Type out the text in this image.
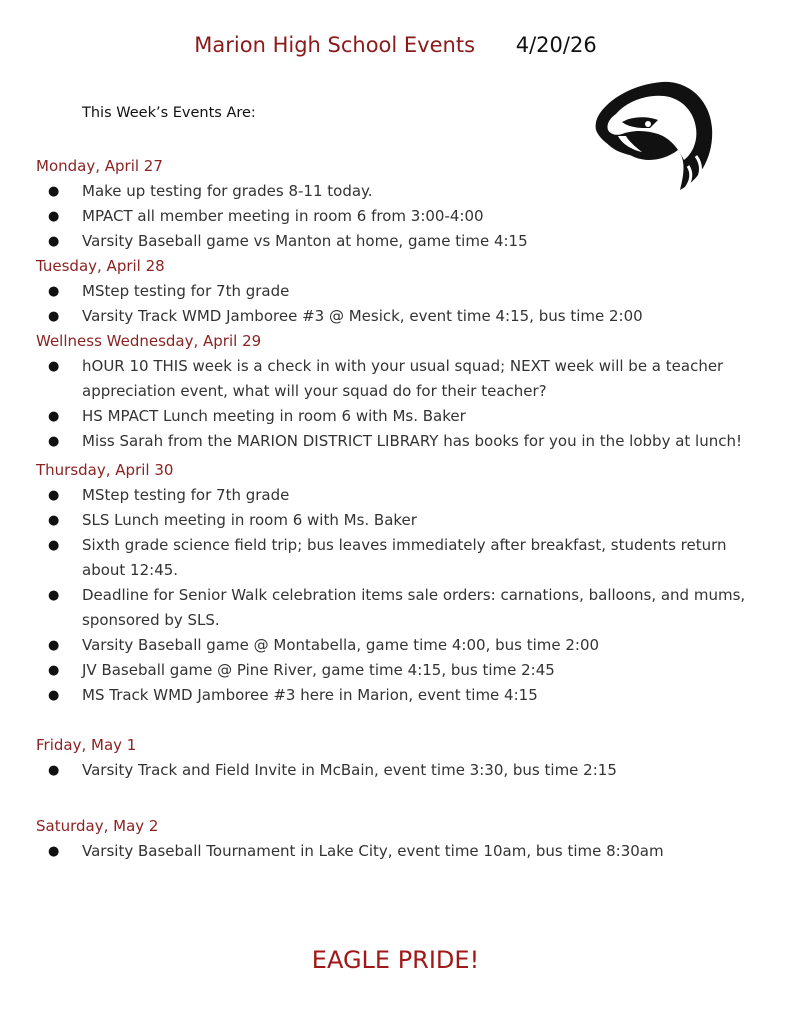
Marion High School Events 4/20/26
This Week’s Events Are:

Monday, April 27

● Make up testing for grades 8-11 today.
● MPACT all member meeting in room 6 from 3:00-4:00
● Varsity Baseball game vs Manton at home, game time 4:15

Tuesday, April 28

● MStep testing for 7th grade
● Varsity Track WMD Jamboree #3 @ Mesick, event time 4:15, bus time 2:00

Wellness Wednesday, April 29

● hOUR 10 THIS week is a check in with your usual squad; NEXT week will be a teacher appreciation event, what will your squad do for their teacher?
● HS MPACT Lunch meeting in room 6 with Ms. Baker
● Miss Sarah from the MARION DISTRICT LIBRARY has books for you in the lobby at lunch!

Thursday, April 30

● MStep testing for 7th grade
● SLS Lunch meeting in room 6 with Ms. Baker
● Sixth grade science field trip; bus leaves immediately after breakfast, students return about 12:45.
● Deadline for Senior Walk celebration items sale orders: carnations, balloons, and mums, sponsored by SLS.
● Varsity Baseball game @ Montabella, game time 4:00, bus time 2:00
● JV Baseball game @ Pine River, game time 4:15, bus time 2:45
● MS Track WMD Jamboree #3 here in Marion, event time 4:15

Friday, May 1

● Varsity Track and Field Invite in McBain, event time 3:30, bus time 2:15

Saturday, May 2

● Varsity Baseball Tournament in Lake City, event time 10am, bus time 8:30am
EAGLE PRIDE!
